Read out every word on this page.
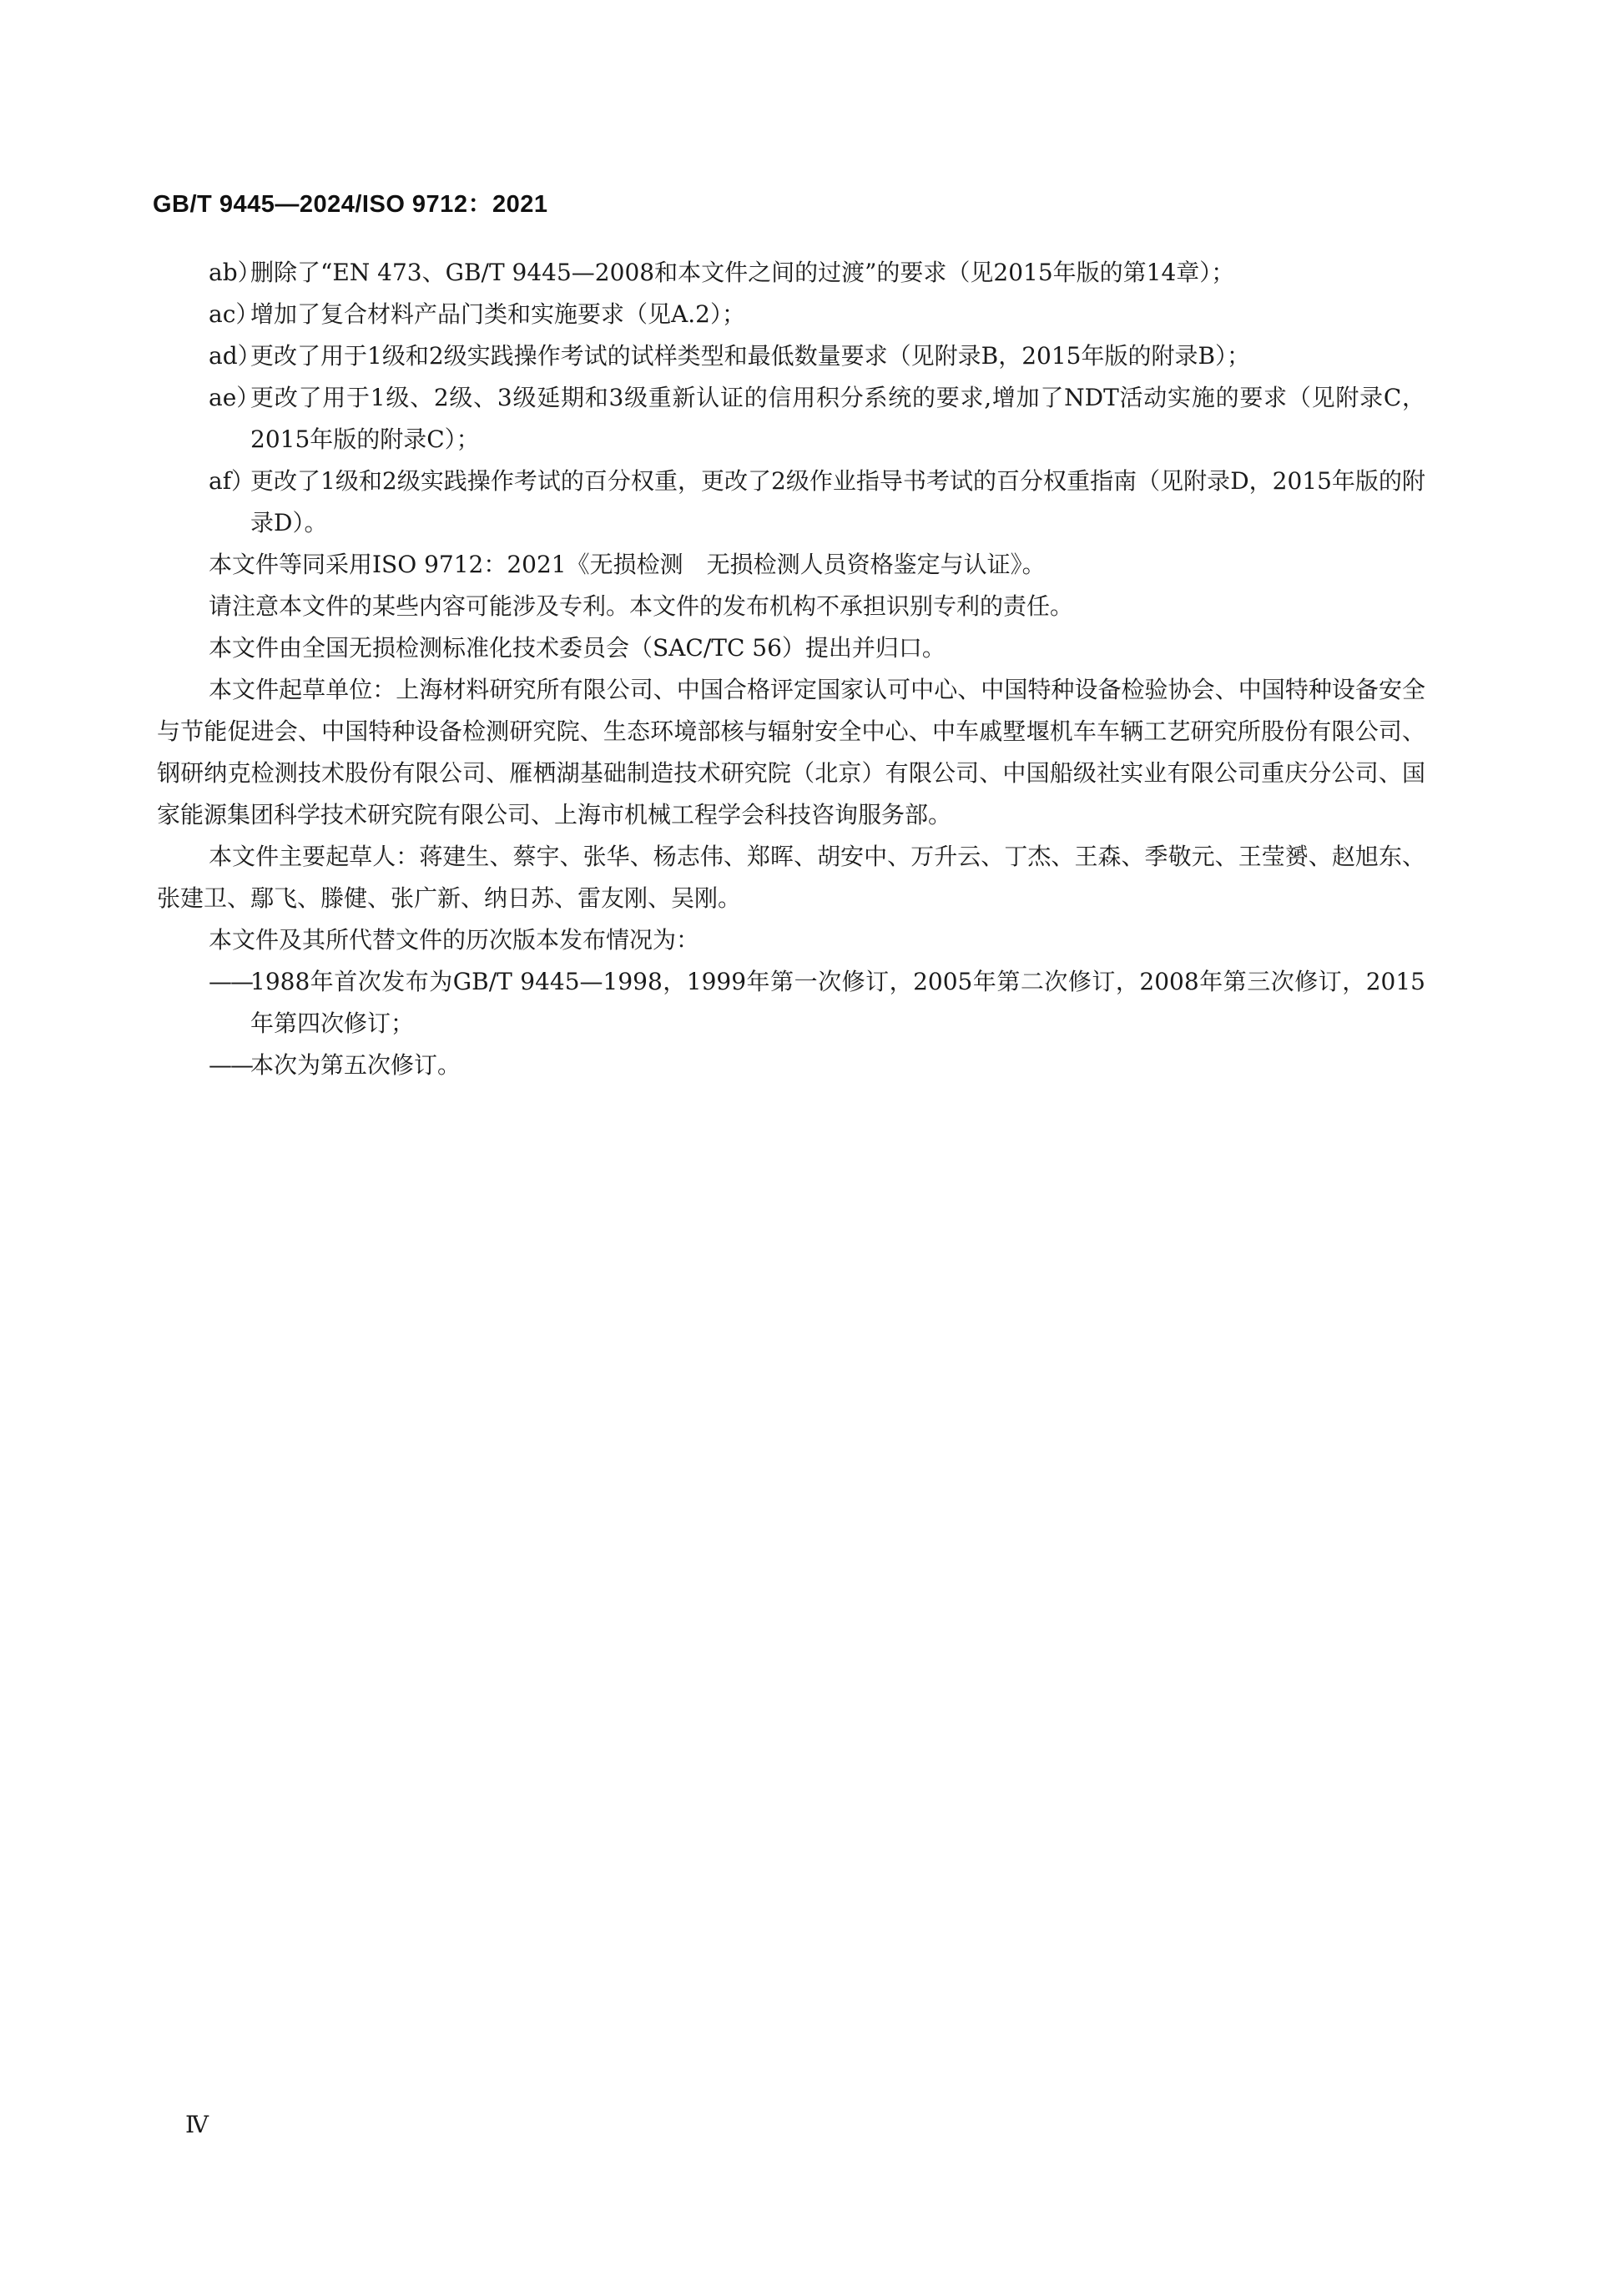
GB/T 9445—2024/ISO 9712：2021
ab）
删除了“EN 473、GB/T 9445—2008和本文件之间的过渡”的要求（见2015年版的第14章）；
ac）
增加了复合材料产品门类和实施要求（见A.2）；
ad）
更改了用于1级和2级实践操作考试的试样类型和最低数量要求（见附录B，2015年版的附录B）；
ae）
更改了用于1级、2级、3级延期和3级重新认证的信用积分系统的要求,增加了NDT活动实施的要求（见附录C，2015年版的附录C）；
af）
更改了1级和2级实践操作考试的百分权重，更改了2级作业指导书考试的百分权重指南（见附录D，2015年版的附录D）。
本文件等同采用ISO 9712：2021《无损检测　无损检测人员资格鉴定与认证》。
请注意本文件的某些内容可能涉及专利。本文件的发布机构不承担识别专利的责任。
本文件由全国无损检测标准化技术委员会（SAC/TC 56）提出并归口。
本文件起草单位：上海材料研究所有限公司、中国合格评定国家认可中心、中国特种设备检验协会、中国特种设备安全与节能促进会、中国特种设备检测研究院、生态环境部核与辐射安全中心、中车戚墅堰机车车辆工艺研究所股份有限公司、钢研纳克检测技术股份有限公司、雁栖湖基础制造技术研究院（北京）有限公司、中国船级社实业有限公司重庆分公司、国家能源集团科学技术研究院有限公司、上海市机械工程学会科技咨询服务部。
本文件主要起草人：蒋建生、蔡宇、张华、杨志伟、郑晖、胡安中、万升云、丁杰、王森、季敬元、王莹赟、赵旭东、张建卫、鄢飞、滕健、张广新、纳日苏、雷友刚、吴刚。
本文件及其所代替文件的历次版本发布情况为：
——
1988年首次发布为GB/T 9445—1998，1999年第一次修订，2005年第二次修订，2008年第三次修订，2015年第四次修订；
——
本次为第五次修订。
Ⅳ
